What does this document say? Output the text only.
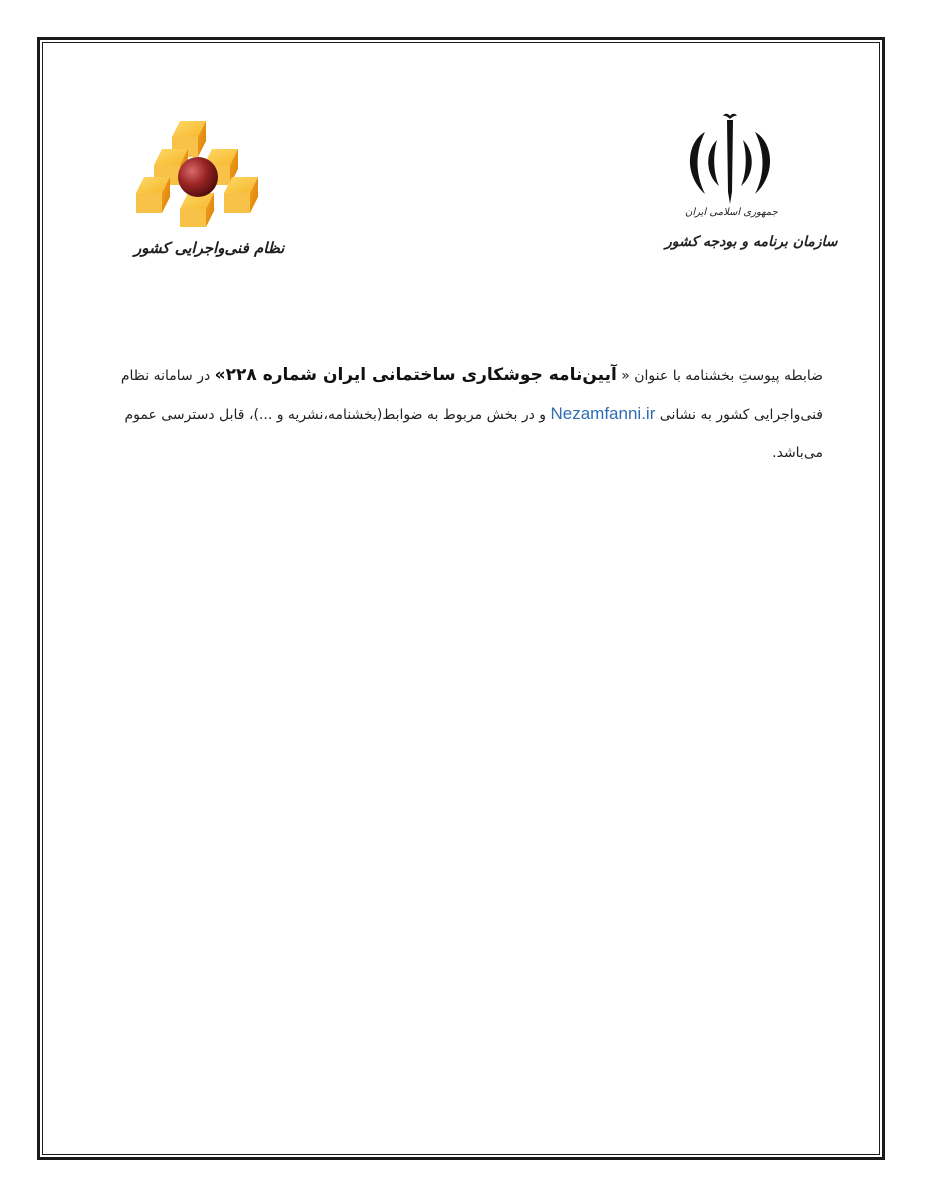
نظام فنی‌واجرایی کشور
جمهوری اسلامی ایران
سازمان برنامه و بودجه کشور
ضابطه پیوستِ بخشنامه با عنوان « آیین‌نامه جوشکاری ساختمانی ایران شماره ۲۲۸» در سامانه نظام فنی‌واجرایی کشور به نشانی Nezamfanni.ir و در بخش مربوط به ضوابط(بخشنامه،نشریه و ...)، قابل دسترسی عموم می‌باشد.
